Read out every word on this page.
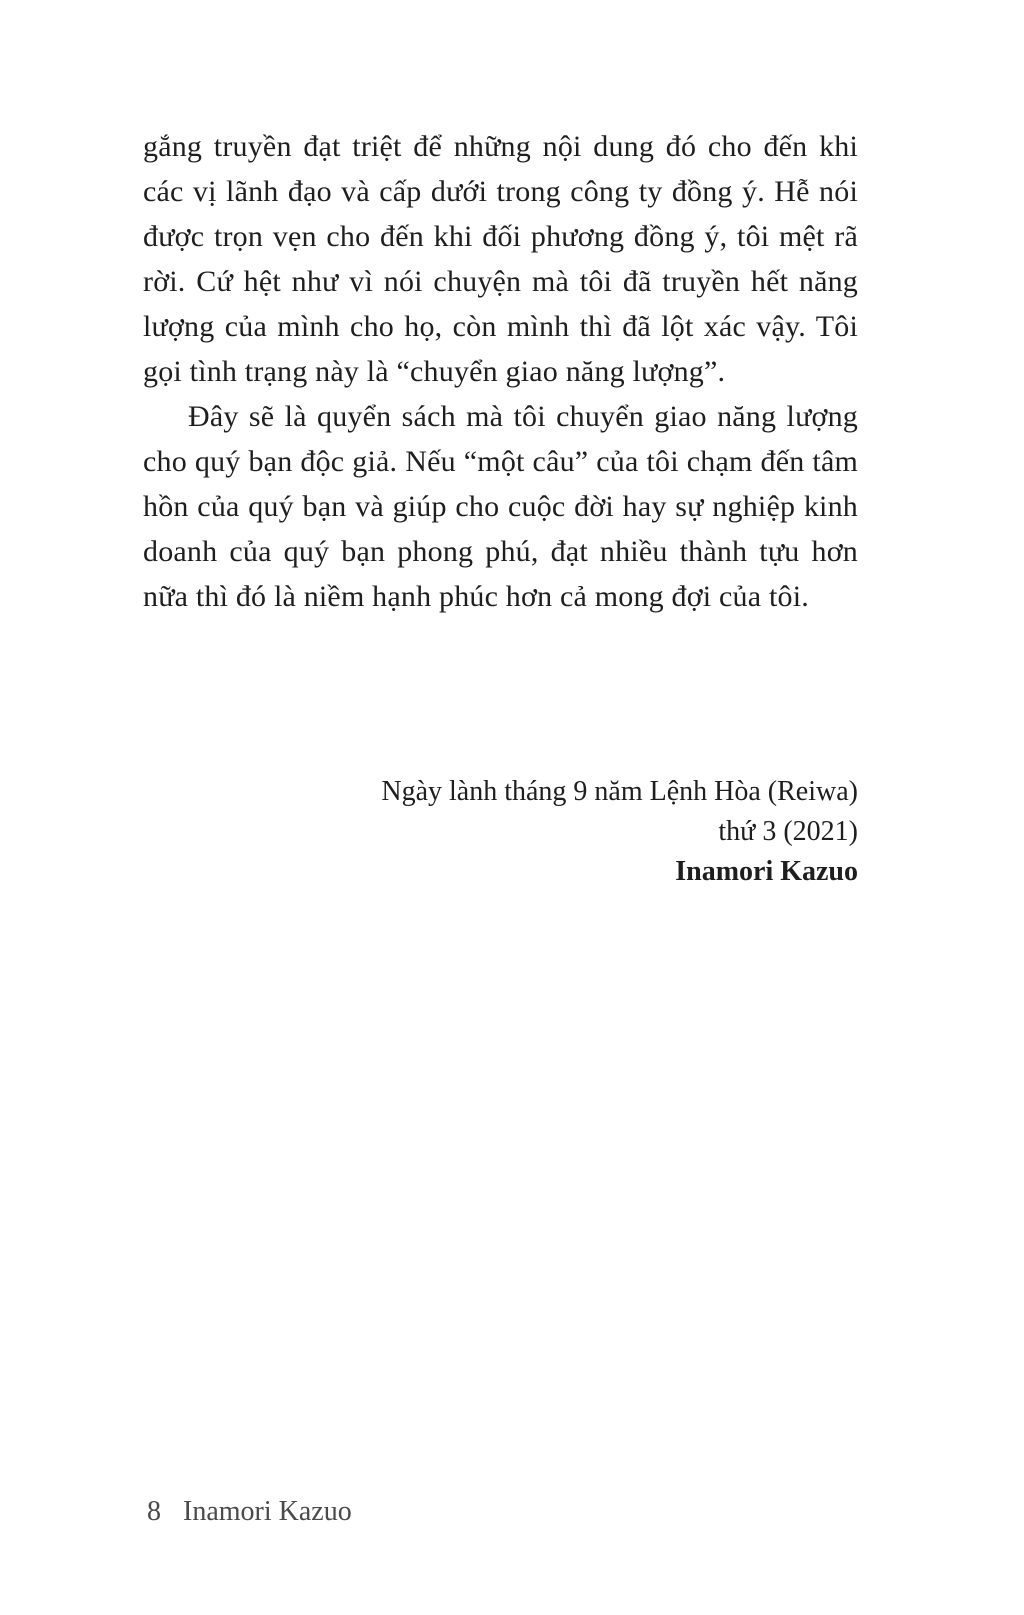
gắng truyền đạt triệt để những nội dung đó cho đến khi các vị lãnh đạo và cấp dưới trong công ty đồng ý. Hễ nói được trọn vẹn cho đến khi đối phương đồng ý, tôi mệt rã rời. Cứ hệt như vì nói chuyện mà tôi đã truyền hết năng lượng của mình cho họ, còn mình thì đã lột xác vậy. Tôi gọi tình trạng này là “chuyển giao năng lượng”.

Đây sẽ là quyển sách mà tôi chuyển giao năng lượng cho quý bạn độc giả. Nếu “một câu” của tôi chạm đến tâm hồn của quý bạn và giúp cho cuộc đời hay sự nghiệp kinh doanh của quý bạn phong phú, đạt nhiều thành tựu hơn nữa thì đó là niềm hạnh phúc hơn cả mong đợi của tôi.

Ngày lành tháng 9 năm Lệnh Hòa (Reiwa)
thứ 3 (2021)
Inamori Kazuo
8 Inamori Kazuo
